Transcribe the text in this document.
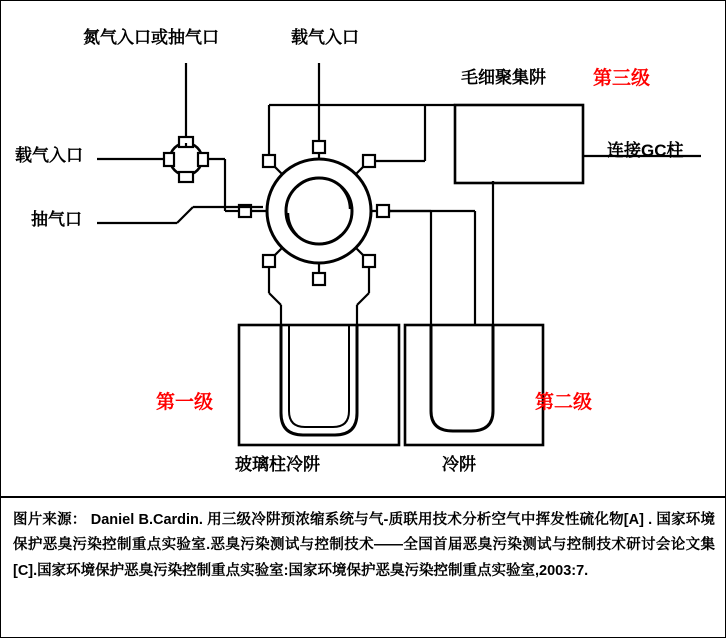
氮气入口或抽气口	载气入口
载气入口
抽气口
毛细聚集阱 第三级
连接GC柱
第一级	第二级
玻璃柱冷阱	冷阱
图片来源： Daniel B.Cardin. 用三级冷阱预浓缩系统与气-质联用技术分析空气中挥发性硫化物[A] . 国家环境保护恶臭污染控制重点实验室.恶臭污染测试与控制技术——全国首届恶臭污染测试与控制技术研讨会论文集[C].国家环境保护恶臭污染控制重点实验室:国家环境保护恶臭污染控制重点实验室,2003:7.
